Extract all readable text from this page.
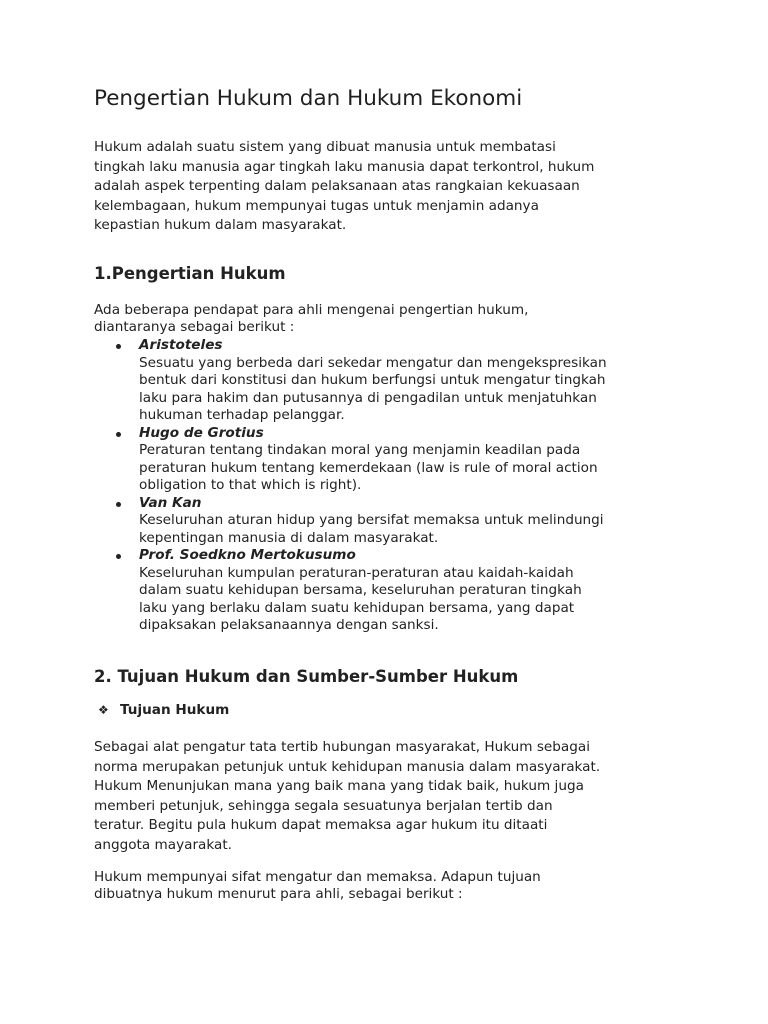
Pengertian Hukum dan Hukum Ekonomi

Hukum adalah suatu sistem yang dibuat manusia untuk membatasi

tingkah laku manusia agar tingkah laku manusia dapat terkontrol, hukum

adalah aspek terpenting dalam pelaksanaan atas rangkaian kekuasaan

kelembagaan, hukum mempunyai tugas untuk menjamin adanya

kepastian hukum dalam masyarakat.

1.Pengertian Hukum

Ada beberapa pendapat para ahli mengenai pengertian hukum,

diantaranya sebagai berikut :

Aristoteles
Sesuatu yang berbeda dari sekedar mengatur dan mengekspresikan
bentuk dari konstitusi dan hukum berfungsi untuk mengatur tingkah
laku para hakim dan putusannya di pengadilan untuk menjatuhkan
hukuman terhadap pelanggar.
Hugo de Grotius
Peraturan tentang tindakan moral yang menjamin keadilan pada
peraturan hukum tentang kemerdekaan (law is rule of moral action
obligation to that which is right).
Van Kan
Keseluruhan aturan hidup yang bersifat memaksa untuk melindungi
kepentingan manusia di dalam masyarakat.
Prof. Soedkno Mertokusumo
Keseluruhan kumpulan peraturan-peraturan atau kaidah-kaidah
dalam suatu kehidupan bersama, keseluruhan peraturan tingkah
laku yang berlaku dalam suatu kehidupan bersama, yang dapat
dipaksakan pelaksanaannya dengan sanksi.
2. Tujuan Hukum dan Sumber-Sumber Hukum
❖ Tujuan Hukum

Sebagai alat pengatur tata tertib hubungan masyarakat, Hukum sebagai

norma merupakan petunjuk untuk kehidupan manusia dalam masyarakat.

Hukum Menunjukan mana yang baik mana yang tidak baik, hukum juga

memberi petunjuk, sehingga segala sesuatunya berjalan tertib dan

teratur. Begitu pula hukum dapat memaksa agar hukum itu ditaati

anggota mayarakat.

Hukum mempunyai sifat mengatur dan memaksa. Adapun tujuan

dibuatnya hukum menurut para ahli, sebagai berikut :
